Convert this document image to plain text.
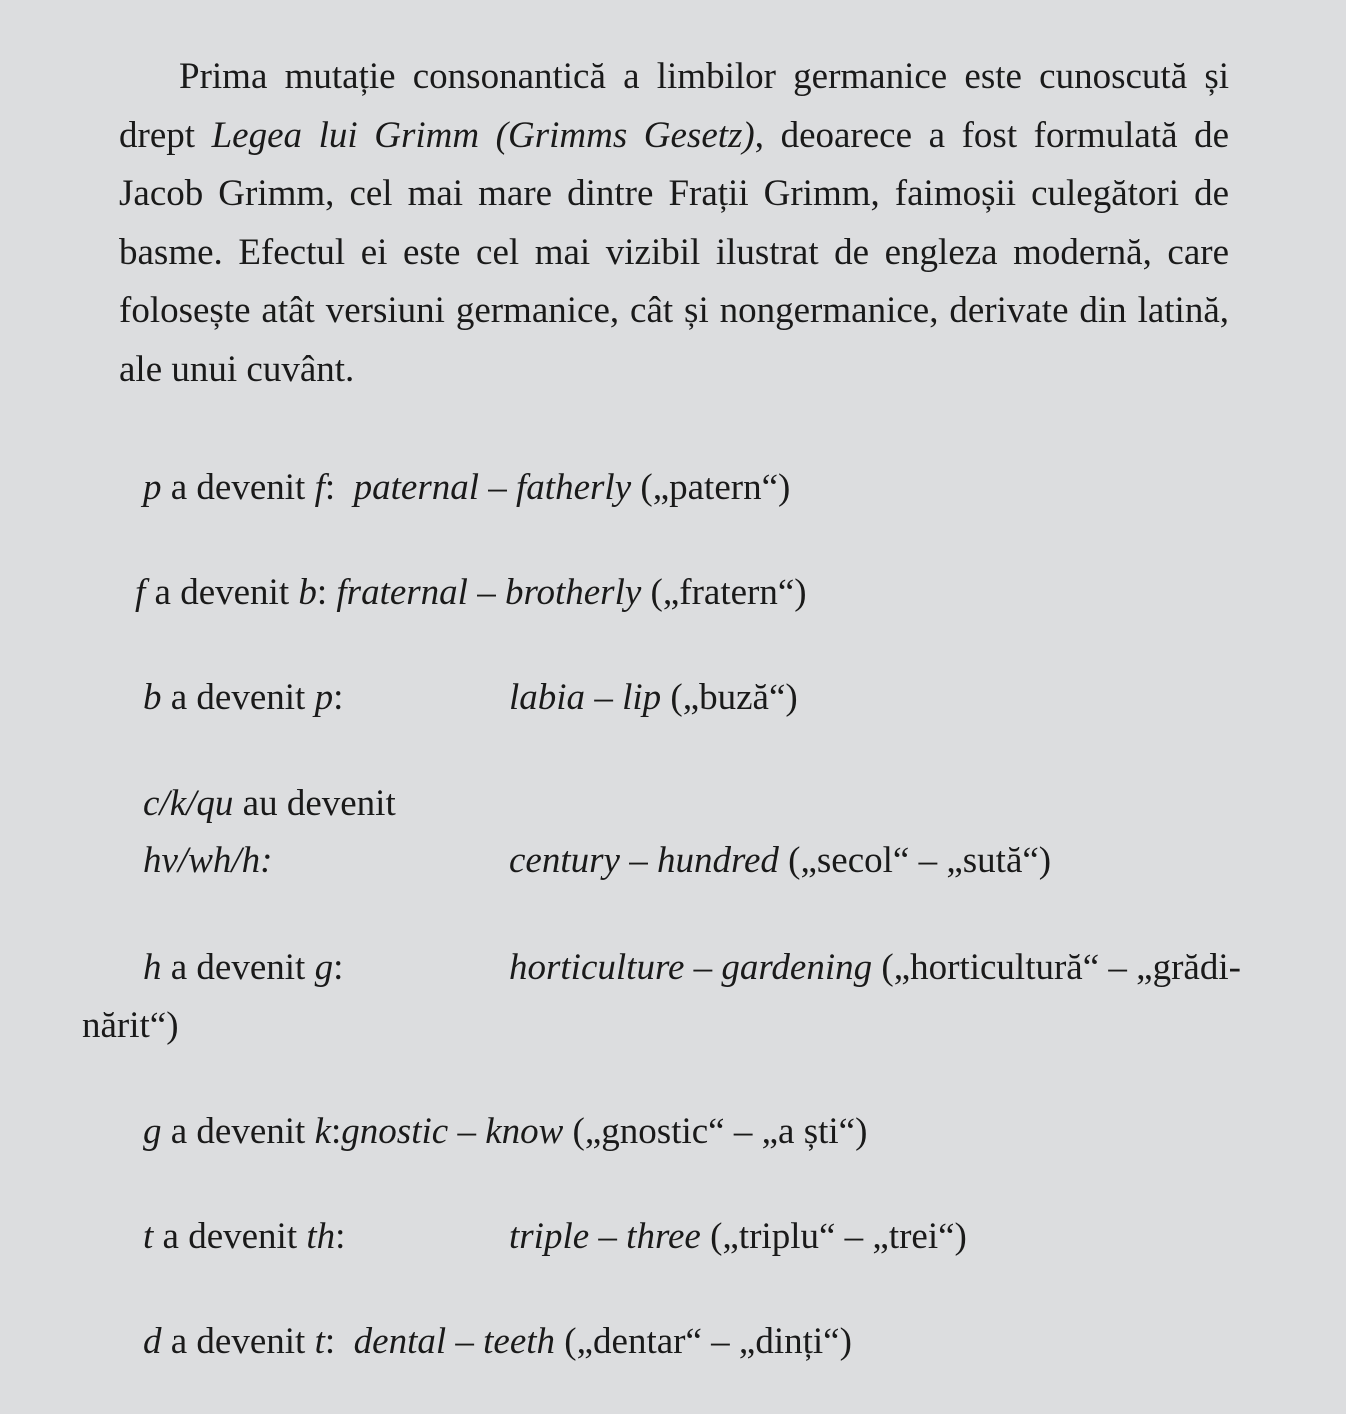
Prima mutație consonantică a limbilor germanice este cunoscută și drept Legea lui Grimm (Grimms Gesetz), deoarece a fost formulată de Jacob Grimm, cel mai mare dintre Frații Grimm, faimoșii culegători de basme. Efectul ei este cel mai vizibil ilustrat de engleza modernă, care folosește atât versiuni germanice, cât și nongermanice, derivate din latină, ale unui cuvânt.

p a devenit f: paternal – fatherly („patern“)
f a devenit b: fraternal – brotherly („fratern“)
b a devenit p:	labia – lip („buză“)
c/k/qu au devenit
hv/wh/h:	century – hundred („secol“ – „sută“)
h a devenit g:	horticulture – gardening („horticultură“ – „grădi-
nărit“)
g a devenit k:gnostic – know („gnostic“ – „a ști“)
t a devenit th:	triple – three („triplu“ – „trei“)
d a devenit t: dental – teeth („dentar“ – „dinți“)
